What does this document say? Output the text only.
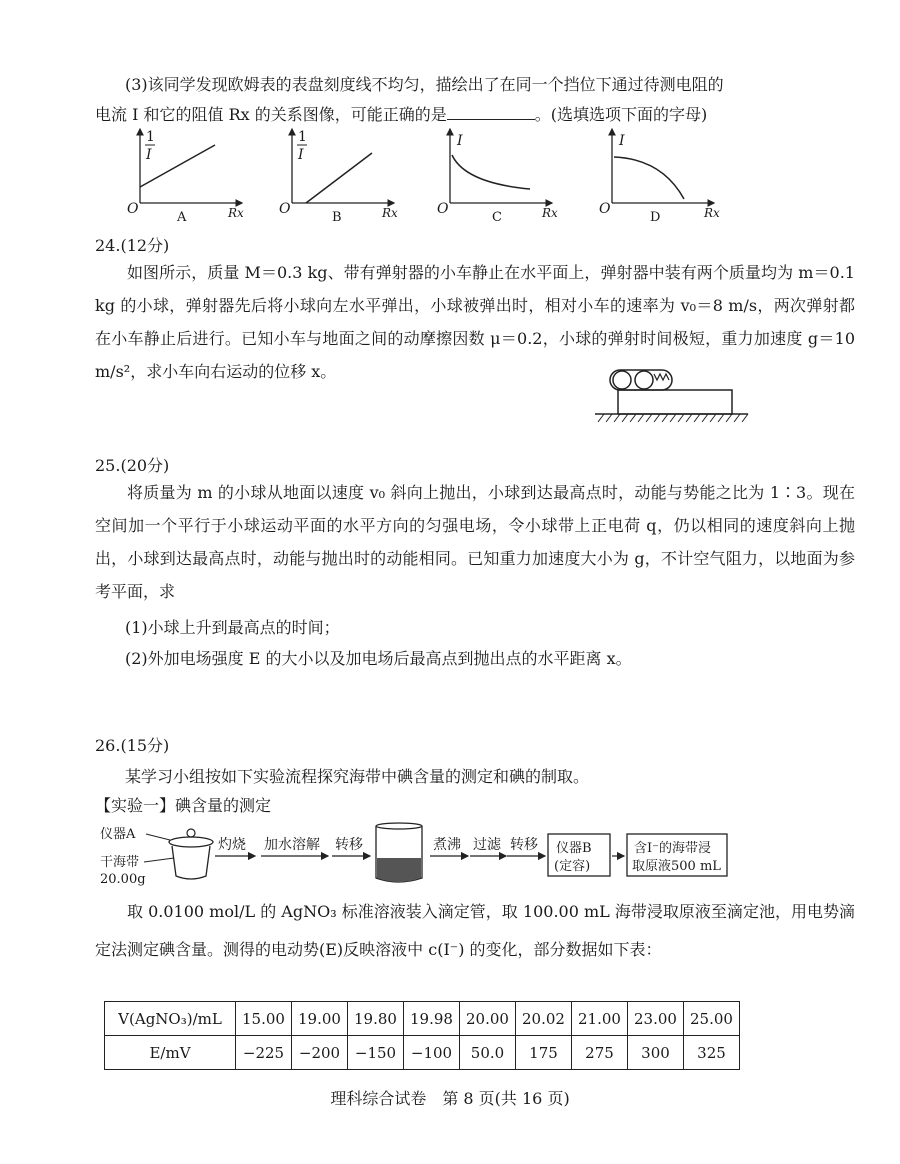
(3)该同学发现欧姆表的表盘刻度线不均匀，描绘出了在同一个挡位下通过待测电阻的
电流 I 和它的阻值 Rx 的关系图像，可能正确的是	。(选填选项下面的字母)
1
I
O	Rx
A
1
I
O	Rx
B
I
O	Rx
C
I
O	Rx
D
24.(12分)
如图所示，质量 M＝0.3 kg、带有弹射器的小车静止在水平面上，弹射器中装有两个质量均为 m＝0.1 kg 的小球，弹射器先后将小球向左水平弹出，小球被弹出时，相对小车的速率为 v₀＝8 m/s，两次弹射都在小车静止后进行。已知小车与地面之间的动摩擦因数 μ＝0.2，小球的弹射时间极短，重力加速度 g＝10 m/s²，求小车向右运动的位移 x。
25.(20分)
将质量为 m 的小球从地面以速度 v₀ 斜向上抛出，小球到达最高点时，动能与势能之比为 1∶3。现在空间加一个平行于小球运动平面的水平方向的匀强电场，令小球带上正电荷 q，仍以相同的速度斜向上抛出，小球到达最高点时，动能与抛出时的动能相同。已知重力加速度大小为 g，不计空气阻力，以地面为参考平面，求
(1)小球上升到最高点的时间；
(2)外加电场强度 E 的大小以及加电场后最高点到抛出点的水平距离 x。
26.(15分)
某学习小组按如下实验流程探究海带中碘含量的测定和碘的制取。
【实验一】碘含量的测定
仪器A
干海带
20.00g
灼烧 加水溶解 转移	煮沸 过滤 转移 仪器B
(定容)
含I⁻的海带浸
取原液500 mL
取 0.0100 mol/L 的 AgNO₃ 标准溶液装入滴定管，取 100.00 mL 海带浸取原液至滴定池，用电势滴定法测定碘含量。测得的电动势(E)反映溶液中 c(I⁻) 的变化，部分数据如下表：
V(AgNO₃)/mL	15.00	19.00	19.80	19.98	20.00	20.02	21.00	23.00	25.00
E/mV	−225	−200	−150	−100	50.0	175	275	300	325
理科综合试卷　第 8 页(共 16 页)
